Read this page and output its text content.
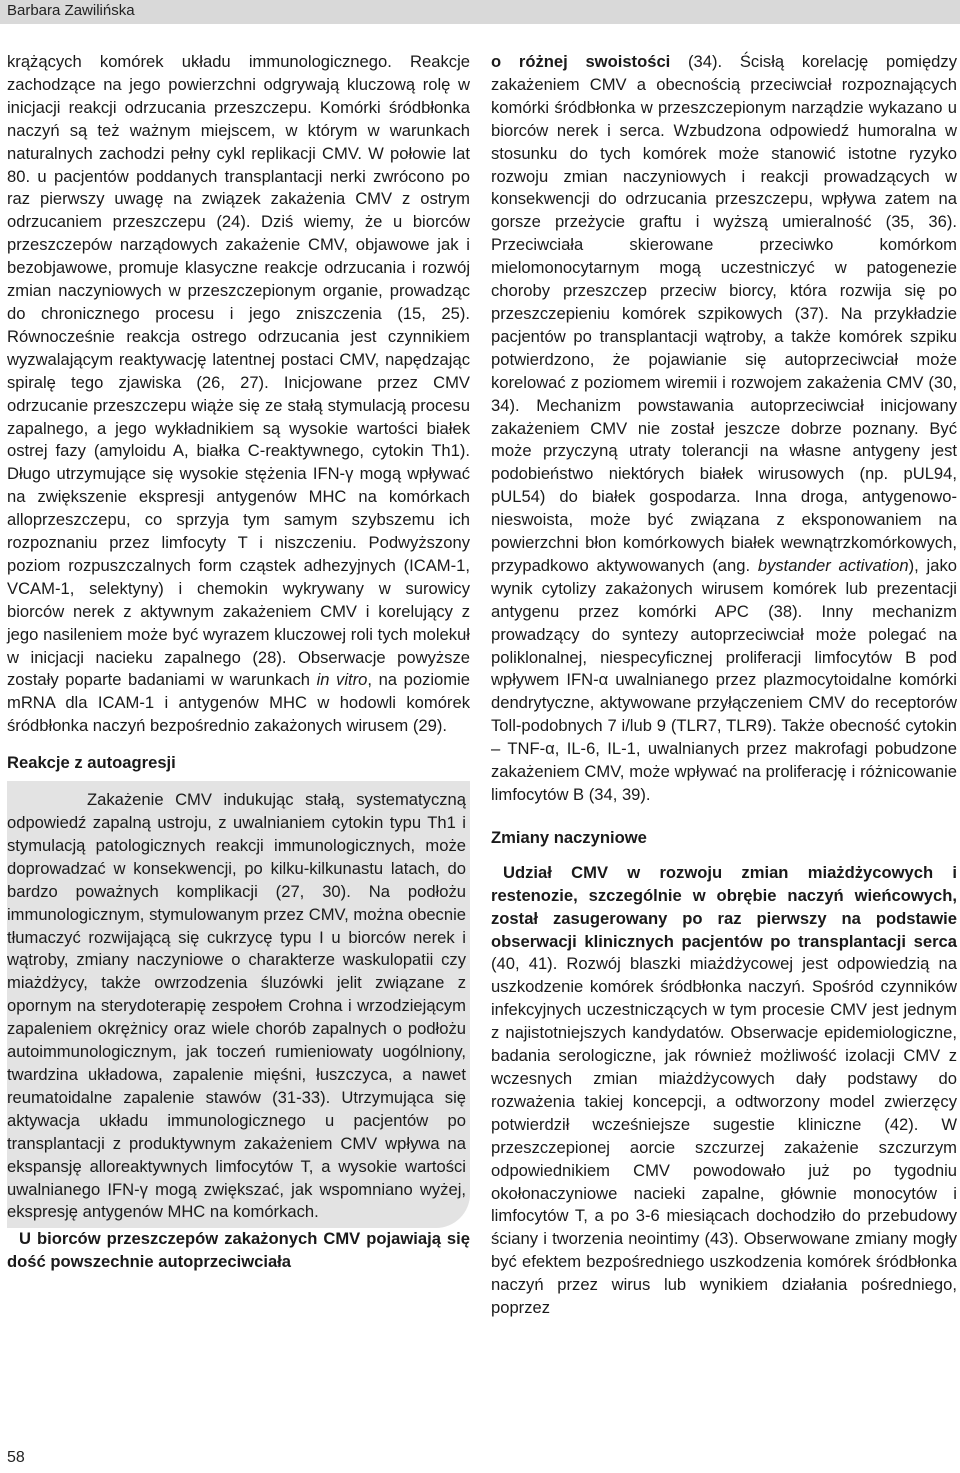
Barbara Zawilińska

krążących komórek układu immunologicznego. Reakcje zachodzące na jego powierzchni odgrywają kluczową rolę w inicjacji reakcji odrzucania przeszczepu. Komórki śródbłonka naczyń są też ważnym miejscem, w którym w warunkach naturalnych zachodzi pełny cykl replikacji CMV. W połowie lat 80. u pacjentów poddanych transplantacji nerki zwrócono po raz pierwszy uwagę na związek zakażenia CMV z ostrym odrzucaniem przeszczepu (24). Dziś wiemy, że u biorców przeszczepów narządowych zakażenie CMV, objawowe jak i bezobjawowe, promuje klasyczne reakcje odrzucania i rozwój zmian naczyniowych w przeszczepionym organie, prowadząc do chronicznego procesu i jego zniszczenia (15, 25). Równocześnie reakcja ostrego odrzucania jest czynnikiem wyzwalającym reaktywację latentnej postaci CMV, napędzając spiralę tego zjawiska (26, 27). Inicjowane przez CMV odrzucanie przeszczepu wiąże się ze stałą stymulacją procesu zapalnego, a jego wykładnikiem są wysokie wartości białek ostrej fazy (amyloidu A, białka C-reaktywnego, cytokin Th1). Długo utrzymujące się wysokie stężenia IFN-γ mogą wpływać na zwiększenie ekspresji antygenów MHC na komórkach alloprzeszczepu, co sprzyja tym samym szybszemu ich rozpoznaniu przez limfocyty T i niszczeniu. Podwyższony poziom rozpuszczalnych form cząstek adhezyjnych (ICAM-1, VCAM-1, selektyny) i chemokin wykrywany w surowicy biorców nerek z aktywnym zakażeniem CMV i korelujący z jego nasileniem może być wyrazem kluczowej roli tych molekuł w inicjacji nacieku zapalnego (28). Obserwacje powyższe zostały poparte badaniami w warunkach in vitro, na poziomie mRNA dla ICAM-1 i antygenów MHC w hodowli komórek śródbłonka naczyń bezpośrednio zakażonych wirusem (29).

Reakcje z autoagresji

Zakażenie CMV indukując stałą, systematyczną odpowiedź zapalną ustroju, z uwalnianiem cytokin typu Th1 i stymulacją patologicznych reakcji immunologicznych, może doprowadzać w konsekwencji, po kilku-kilkunastu latach, do bardzo poważnych komplikacji (27, 30). Na podłożu immunologicznym, stymulowanym przez CMV, można obecnie tłumaczyć rozwijającą się cukrzycę typu I u biorców nerek i wątroby, zmiany naczyniowe o charakterze waskulopatii czy miażdżycy, także owrzodzenia śluzówki jelit związane z opornym na sterydoterapię zespołem Crohna i wrzodziejącym zapaleniem okrężnicy oraz wiele chorób zapalnych o podłożu autoimmunologicznym, jak toczeń rumieniowaty uogólniony, twardzina układowa, zapalenie mięśni, łuszczyca, a nawet reumatoidalne zapalenie stawów (31-33). Utrzymująca się aktywacja układu immunologicznego u pacjentów po transplantacji z produktywnym zakażeniem CMV wpływa na ekspansję alloreaktywnych limfocytów T, a wysokie wartości uwalnianego IFN-γ mogą zwiększać, jak wspomniano wyżej, ekspresję antygenów MHC na komórkach.

U biorców przeszczepów zakażonych CMV pojawiają się dość powszechnie autoprzeciwciała

o różnej swoistości (34). Ścisłą korelację pomiędzy zakażeniem CMV a obecnością przeciwciał rozpoznających komórki śródbłonka w przeszczepionym narządzie wykazano u biorców nerek i serca. Wzbudzona odpowiedź humoralna w stosunku do tych komórek może stanowić istotne ryzyko rozwoju zmian naczyniowych i reakcji prowadzących w konsekwencji do odrzucania przeszczepu, wpływa zatem na gorsze przeżycie graftu i wyższą umieralność (35, 36). Przeciwciała skierowane przeciwko komórkom mielomonocytarnym mogą uczestniczyć w patogenezie choroby przeszczep przeciw biorcy, która rozwija się po przeszczepieniu komórek szpikowych (37). Na przykładzie pacjentów po transplantacji wątroby, a także komórek szpiku potwierdzono, że pojawianie się autoprzeciwciał może korelować z poziomem wiremii i rozwojem zakażenia CMV (30, 34). Mechanizm powstawania autoprzeciwciał inicjowany zakażeniem CMV nie został jeszcze dobrze poznany. Być może przyczyną utraty tolerancji na własne antygeny jest podobieństwo niektórych białek wirusowych (np. pUL94, pUL54) do białek gospodarza. Inna droga, antygenowo-nieswoista, może być związana z eksponowaniem na powierzchni błon komórkowych białek wewnątrzkomórkowych, przypadkowo aktywowanych (ang. bystander activation), jako wynik cytolizy zakażonych wirusem komórek lub prezentacji antygenu przez komórki APC (38). Inny mechanizm prowadzący do syntezy autoprzeciwciał może polegać na poliklonalnej, niespecyficznej proliferacji limfocytów B pod wpływem IFN-α uwalnianego przez plazmocytoidalne komórki dendrytyczne, aktywowane przyłączeniem CMV do receptorów Toll-podobnych 7 i/lub 9 (TLR7, TLR9). Także obecność cytokin – TNF-α, IL-6, IL-1, uwalnianych przez makrofagi pobudzone zakażeniem CMV, może wpływać na proliferację i różnicowanie limfocytów B (34, 39).

Zmiany naczyniowe

Udział CMV w rozwoju zmian miażdżycowych i restenozie, szczególnie w obrębie naczyń wieńcowych, został zasugerowany po raz pierwszy na podstawie obserwacji klinicznych pacjentów po transplantacji serca (40, 41). Rozwój blaszki miażdżycowej jest odpowiedzią na uszkodzenie komórek śródbłonka naczyń. Spośród czynników infekcyjnych uczestniczących w tym procesie CMV jest jednym z najistotniejszych kandydatów. Obserwacje epidemiologiczne, badania serologiczne, jak również możliwość izolacji CMV z wczesnych zmian miażdżycowych dały podstawy do rozważenia takiej koncepcji, a odtworzony model zwierzęcy potwierdził wcześniejsze sugestie kliniczne (42). W przeszczepionej aorcie szczurzej zakażenie szczurzym odpowiednikiem CMV powodowało już po tygodniu okołonaczyniowe nacieki zapalne, głównie monocytów i limfocytów T, a po 3-6 miesiącach dochodziło do przebudowy ściany i tworzenia neointimy (43). Obserwowane zmiany mogły być efektem bezpośredniego uszkodzenia komórek śródbłonka naczyń przez wirus lub wynikiem działania pośredniego, poprzez

58
